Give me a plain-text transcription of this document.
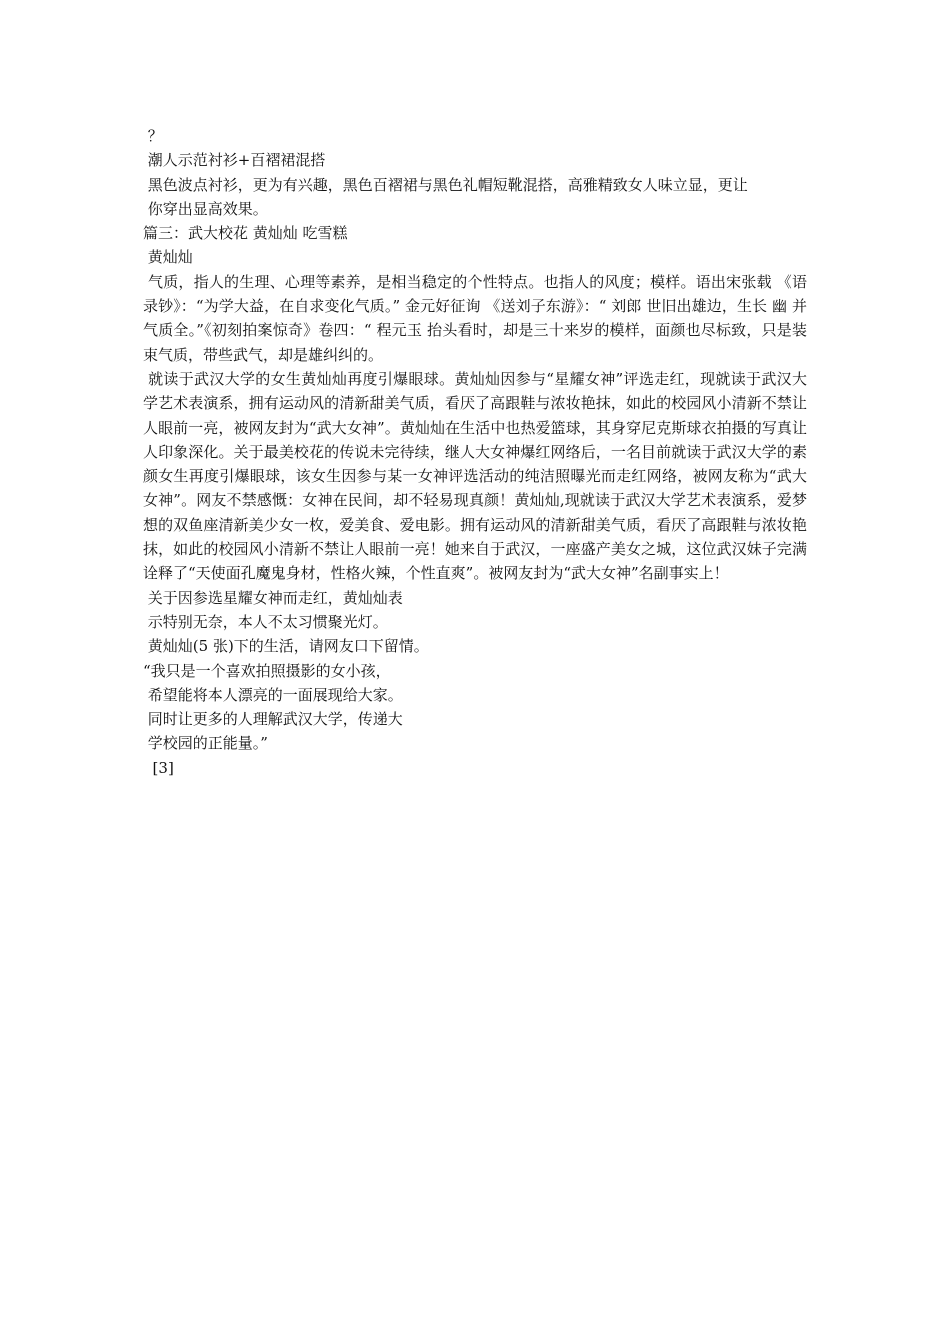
？

潮人示范衬衫+百褶裙混搭

黑色波点衬衫，更为有兴趣，黑色百褶裙与黑色礼帽短靴混搭，高雅精致女人味立显，更让

你穿出显高效果。

篇三：武大校花 黄灿灿 吃雪糕

黄灿灿

气质，指人的生理、心理等素养，是相当稳定的个性特点。也指人的风度；模样。语出宋张载 《语录钞》：“为学大益，在自求变化气质。” 金元好征询 《送刘子东游》：“ 刘郎 世旧出雄边，生长 幽 并 气质全。”《初刻拍案惊奇》卷四：“ 程元玉 抬头看时，却是三十来岁的模样，面颜也尽标致，只是装束气质，带些武气，却是雄纠纠的。

就读于武汉大学的女生黄灿灿再度引爆眼球。黄灿灿因参与“星耀女神”评选走红，现就读于武汉大学艺术表演系，拥有运动风的清新甜美气质，看厌了高跟鞋与浓妆艳抹，如此的校园风小清新不禁让人眼前一亮，被网友封为“武大女神”。黄灿灿在生活中也热爱篮球，其身穿尼克斯球衣拍摄的写真让人印象深化。关于最美校花的传说未完待续，继人大女神爆红网络后，一名目前就读于武汉大学的素颜女生再度引爆眼球，该女生因参与某一女神评选活动的纯洁照曝光而走红网络，被网友称为“武大女神”。网友不禁感慨：女神在民间，却不轻易现真颜！黄灿灿,现就读于武汉大学艺术表演系，爱梦想的双鱼座清新美少女一枚，爱美食、爱电影。拥有运动风的清新甜美气质，看厌了高跟鞋与浓妆艳抹，如此的校园风小清新不禁让人眼前一亮！她来自于武汉，一座盛产美女之城，这位武汉妹子完满诠释了“天使面孔魔鬼身材，性格火辣，个性直爽”。被网友封为“武大女神”名副事实上！

关于因参选星耀女神而走红，黄灿灿表

示特别无奈，本人不太习惯聚光灯。

黄灿灿(5 张)下的生活，请网友口下留情。

“我只是一个喜欢拍照摄影的女小孩，

希望能将本人漂亮的一面展现给大家。

同时让更多的人理解武汉大学，传递大

学校园的正能量。”

[3]
